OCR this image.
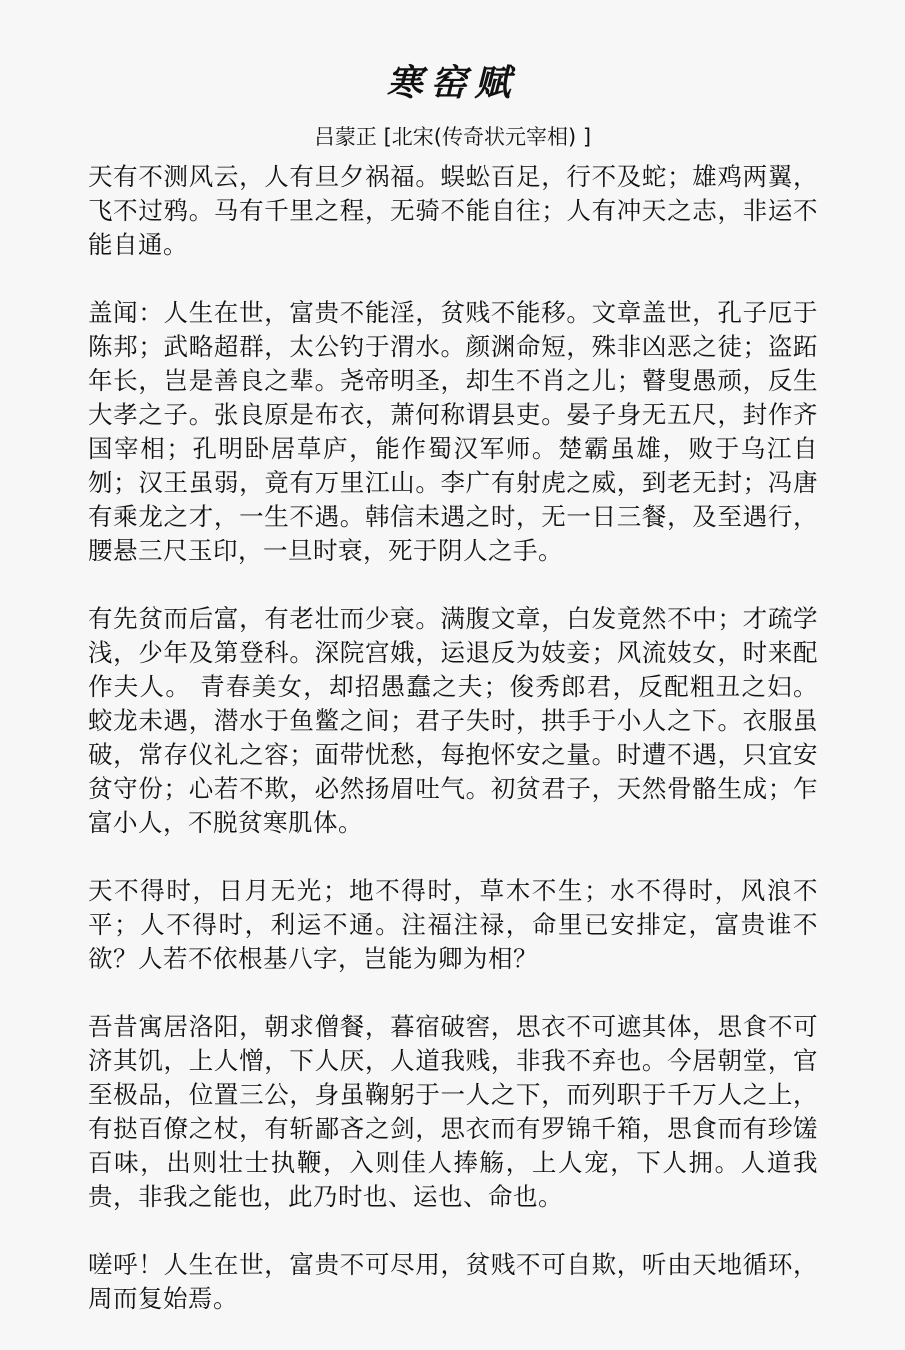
寒窑赋
吕蒙正 [北宋(传奇状元宰相) ]

天有不测风云，人有旦夕祸福。蜈蚣百足，行不及蛇；雄鸡两翼，飞不过鸦。马有千里之程，无骑不能自往；人有冲天之志，非运不能自通。

盖闻：人生在世，富贵不能淫，贫贱不能移。文章盖世，孔子厄于陈邦；武略超群，太公钓于渭水。颜渊命短，殊非凶恶之徒；盗跖年长，岂是善良之辈。尧帝明圣，却生不肖之儿；瞽叟愚顽，反生大孝之子。张良原是布衣，萧何称谓县吏。晏子身无五尺，封作齐国宰相；孔明卧居草庐，能作蜀汉军师。楚霸虽雄，败于乌江自刎；汉王虽弱，竟有万里江山。李广有射虎之威，到老无封；冯唐有乘龙之才，一生不遇。韩信未遇之时，无一日三餐，及至遇行，腰悬三尺玉印，一旦时衰，死于阴人之手。

有先贫而后富，有老壮而少衰。满腹文章，白发竟然不中；才疏学浅，少年及第登科。深院宫娥，运退反为妓妾；风流妓女，时来配作夫人。 青春美女，却招愚蠢之夫；俊秀郎君，反配粗丑之妇。蛟龙未遇，潜水于鱼鳖之间；君子失时，拱手于小人之下。衣服虽破，常存仪礼之容；面带忧愁，每抱怀安之量。时遭不遇，只宜安贫守份；心若不欺，必然扬眉吐气。初贫君子，天然骨骼生成；乍富小人，不脱贫寒肌体。

天不得时，日月无光；地不得时，草木不生；水不得时，风浪不平；人不得时，利运不通。注福注禄，命里已安排定，富贵谁不欲？人若不依根基八字，岂能为卿为相？

吾昔寓居洛阳，朝求僧餐，暮宿破窖，思衣不可遮其体，思食不可济其饥，上人憎，下人厌，人道我贱，非我不弃也。今居朝堂，官至极品，位置三公，身虽鞠躬于一人之下，而列职于千万人之上，有挞百僚之杖，有斩鄙吝之剑，思衣而有罗锦千箱，思食而有珍馐百味，出则壮士执鞭，入则佳人捧觞，上人宠，下人拥。人道我贵，非我之能也，此乃时也、运也、命也。

嗟呼！人生在世，富贵不可尽用，贫贱不可自欺，听由天地循环，周而复始焉。
